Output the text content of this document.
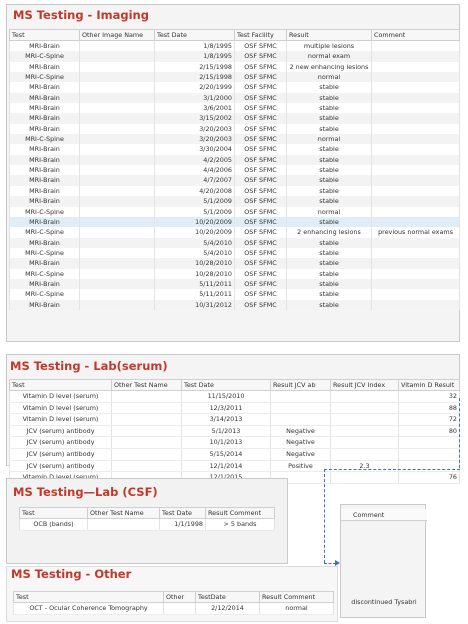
MS Testing - Imaging
Test	Other Image Name	Test Date	Test Facility	Result	Comment
MRI-Brain		1/8/1995	OSF SFMC	multiple lesions	
MRI-C-Spine		1/8/1995	OSF SFMC	normal exam	
MRI-Brain		2/15/1998	OSF SFMC	2 new enhancing lesions	
MRI-C-Spine		2/15/1998	OSF SFMC	normal	
MRI-Brain		2/20/1999	OSF SFMC	stable	
MRI-Brain		3/1/2000	OSF SFMC	stable	
MRI-Brain		3/6/2001	OSF SFMC	stable	
MRI-Brain		3/15/2002	OSF SFMC	stable	
MRI-Brain		3/20/2003	OSF SFMC	stable	
MRI-C-Spine		3/20/2003	OSF SFMC	normal	
MRI-Brain		3/30/2004	OSF SFMC	stable	
MRI-Brain		4/2/2005	OSF SFMC	stable	
MRI-Brain		4/4/2006	OSF SFMC	stable	
MRI-Brain		4/7/2007	OSF SFMC	stable	
MRI-Brain		4/20/2008	OSF SFMC	stable	
MRI-Brain		5/1/2009	OSF SFMC	stable	
MRI-C-Spine		5/1/2009	OSF SFMC	normal	
MRI-Brain		10/20/2009	OSF SFMC	stable	
MRI-C-Spine		10/20/2009	OSF SFMC	2 enhancing lesions	previous normal exams
MRI-Brain		5/4/2010	OSF SFMC	stable	
MRI-C-Spine		5/4/2010	OSF SFMC	stable	
MRI-Brain		10/28/2010	OSF SFMC	stable	
MRI-C-Spine		10/28/2010	OSF SFMC	stable	
MRI-Brain		5/11/2011	OSF SFMC	stable	
MRI-C-Spine		5/11/2011	OSF SFMC	stable	
MRI-Brain		10/31/2012	OSF SFMC	stable	
MS Testing - Lab(serum)
Test	Other Test Name	Test Date	Result JCV ab	Result JCV Index	Vitamin D Result
Vitamin D level (serum)		11/15/2010			32
Vitamin D level (serum)		12/3/2011			88
Vitamin D level (serum)		3/14/2013			72
JCV (serum) antibody		5/1/2013	Negative		80
JCV (serum) antibody		10/1/2013	Negative		
JCV (serum) antibody		5/15/2014	Negative		
JCV (serum) antibody		12/1/2014	Positive	2.3	
					76
MS Testing—Lab (CSF)
Test	Other Test Name	Test Date	Result Comment
OCB (bands)		1/1/1998	> 5 bands
MS Testing - Other
Test	Other	TestDate	Result Comment
OCT - Ocular Coherence Tomography		2/12/2014	normal
Comment
discontinued Tysabri
